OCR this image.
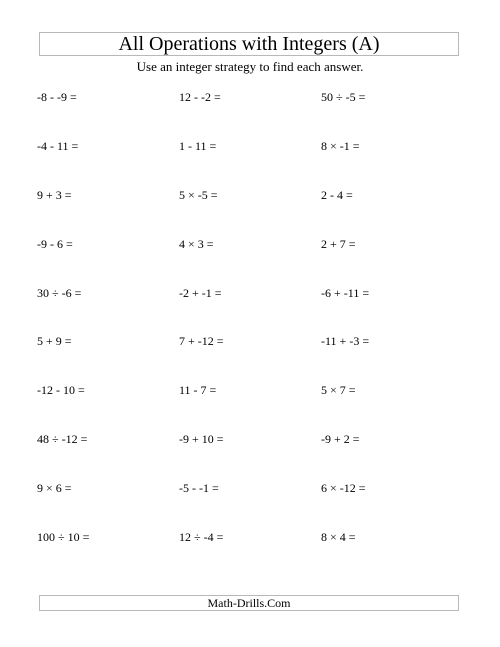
All Operations with Integers (A)
Use an integer strategy to find each answer.
-8 - -9 =	12 - -2 =	50 ÷ -5 =
-4 - 11 =	1 - 11 =	8 × -1 =
9 + 3 =	5 × -5 =	2 - 4 =
-9 - 6 =	4 × 3 =	2 + 7 =
30 ÷ -6 =	-2 + -1 =	-6 + -11 =
5 + 9 =	7 + -12 =	-11 + -3 =
-12 - 10 =	11 - 7 =	5 × 7 =
48 ÷ -12 =	-9 + 10 =	-9 + 2 =
9 × 6 =	-5 - -1 =	6 × -12 =
100 ÷ 10 =	12 ÷ -4 =	8 × 4 =
Math-Drills.Com
